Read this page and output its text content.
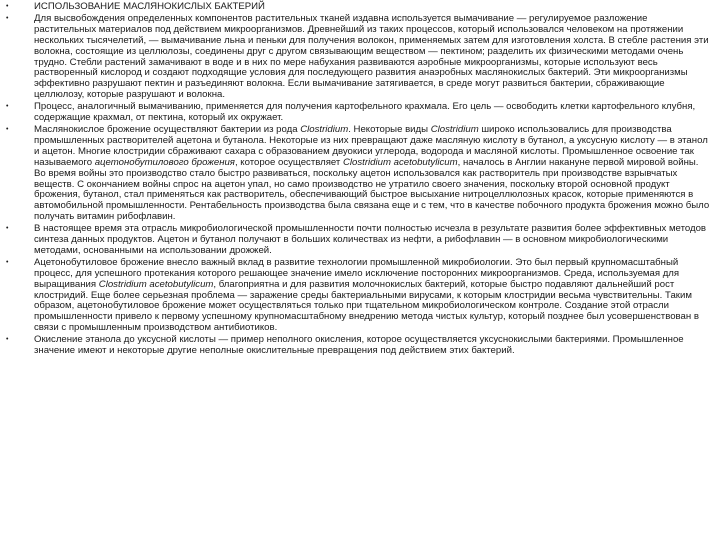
•	ИСПОЛЬЗОВАНИЕ МАСЛЯНОКИСЛЫХ БАКТЕРИЙ
•	Для высвобождения определенных компонентов растительных тканей издавна используется вымачивание — регулируемое разложение растительных материалов под действием микроорганизмов. Древнейший из таких процессов, который использовался человеком на протяжении нескольких тысячелетий, — вымачивание льна и пеньки для получения волокон, применяемых затем для изготовления холста. В стебле растения эти волокна, состоящие из целлюлозы, соединены друг с другом связывающим веществом — пектином; разделить их физическими методами очень трудно. Стебли растений замачивают в воде и в них по мере набухания развиваются аэробные микроорганизмы, которые используют весь растворенный кислород и создают подходящие условия для последующего развития анаэробных маслянокислых бактерий. Эти микроорганизмы эффективно разрушают пектин и разъединяют волокна. Если вымачивание затягивается, в среде могут развиться бактерии, сбраживающие целлюлозу, которые разрушают и волокна.
•	Процесс, аналогичный вымачиванию, применяется для получения картофельного крахмала. Его цель — освободить клетки картофельного клубня, содержащие крахмал, от пектина, который их окружает.
•	Маслянокислое брожение осуществляют бактерии из рода Clostridium. Некоторые виды Clostridium широко использовались для производства промышленных растворителей ацетона и бутанола. Некоторые из них превращают даже масляную кислоту в бутанол, а уксусную кислоту — в этанол и ацетон. Многие клостридии сбраживают сахара с образованием двуокиси углерода, водорода и масляной кислоты. Промышленное освоение так называемого ацетонобутилового брожения, которое осуществляет Clostridium acetobutylicum, началось в Англии накануне первой мировой войны. Во время войны это производство стало быстро развиваться, поскольку ацетон использовался как растворитель при производстве взрывчатых веществ. С окончанием войны спрос на ацетон упал, но само производство не утратило своего значения, поскольку второй основной продукт брожения, бутанол, стал применяться как растворитель, обеспечивающий быстрое высыхание нитроцеллюлозных красок, которые применяются в автомобильной промышленности. Рентабельность производства была связана еще и с тем, что в качестве побочного продукта брожения можно было получать витамин рибофлавин.
•	В настоящее время эта отрасль микробиологической промышленности почти полностью исчезла в результате развития более эффективных методов синтеза данных продуктов. Ацетон и бутанол получают в больших количествах из нефти, а рибофлавин — в основном микробиологическими методами, основанными на использовании дрожжей.
•	Ацетонобутиловое брожение внесло важный вклад в развитие технологии промышленной микробиологии. Это был первый крупномасштабный процесс, для успешного протекания которого решающее значение имело исключение посторонних микроорганизмов. Среда, используемая для выращивания Clostridium acetobutylicum, благоприятна и для развития молочнокислых бактерий, которые быстро подавляют дальнейший рост клостридий. Еще более серьезная проблема — заражение среды бактериальными вирусами, к которым клостридии весьма чувствительны. Таким образом, ацетонобутиловое брожение может осуществляться только при тщательном микробиологическом контроле. Создание этой отрасли промышленности привело к первому успешному крупномасштабному внедрению метода чистых культур, который позднее был усовершенствован в связи с промышленным производством антибиотиков.
•	Окисление этанола до уксусной кислоты — пример неполного окисления, которое осуществляется уксуснокислыми бактериями. Промышленное значение имеют и некоторые другие неполные окислительные превращения под действием этих бактерий.
